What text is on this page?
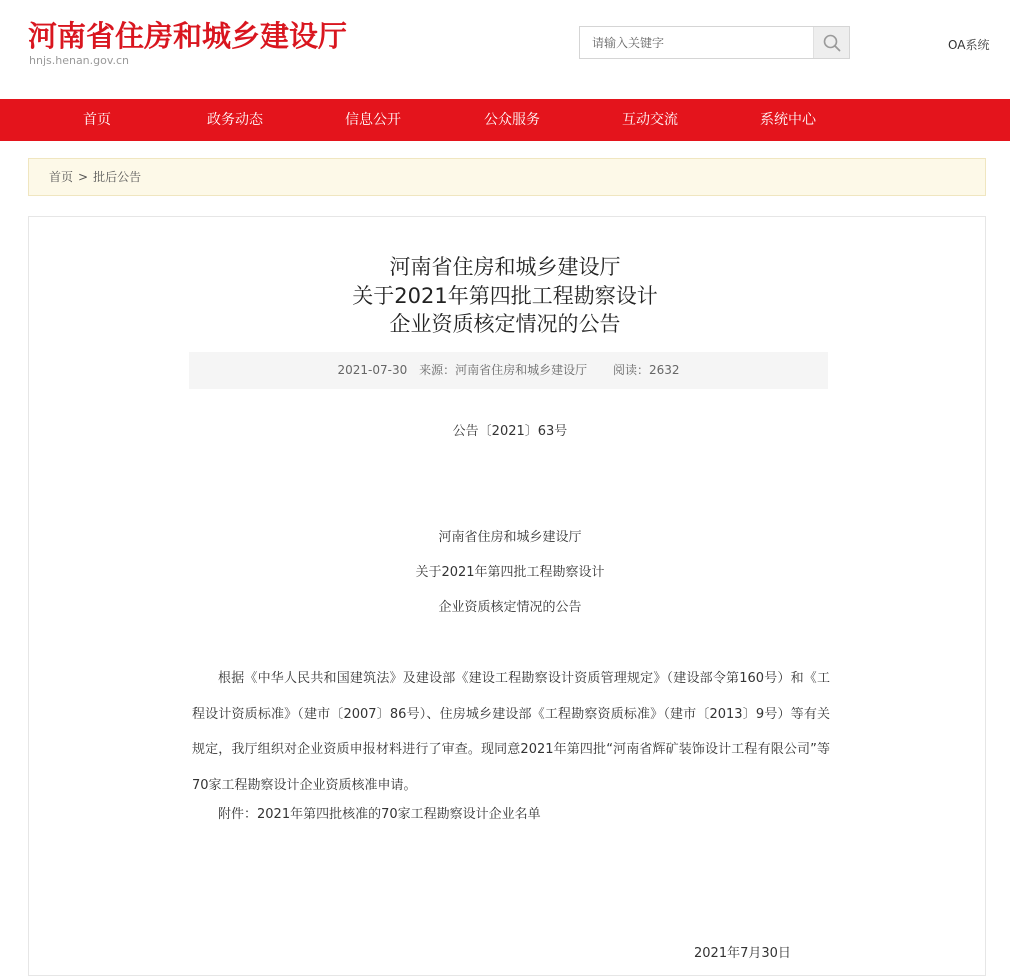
河南省住房和城乡建设厅
hnjs.henan.gov.cn
请输入关键字
OA系统
首页	政务动态	信息公开	公众服务	互动交流	系统中心
首页 > 批后公告
河南省住房和城乡建设厅
关于2021年第四批工程勘察设计
企业资质核定情况的公告
2021-07-30 来源：河南省住房和城乡建设厅 阅读：2632
公告〔2021〕63号
河南省住房和城乡建设厅
关于2021年第四批工程勘察设计
企业资质核定情况的公告

根据《中华人民共和国建筑法》及建设部《建设工程勘察设计资质管理规定》（建设部令第160号）和《工程设计资质标准》（建市〔2007〕86号）、住房城乡建设部《工程勘察资质标准》（建市〔2013〕9号）等有关规定，我厅组织对企业资质申报材料进行了审查。现同意2021年第四批“河南省辉矿装饰设计工程有限公司”等70家工程勘察设计企业资质核准申请。

附件：2021年第四批核准的70家工程勘察设计企业名单

2021年7月30日
